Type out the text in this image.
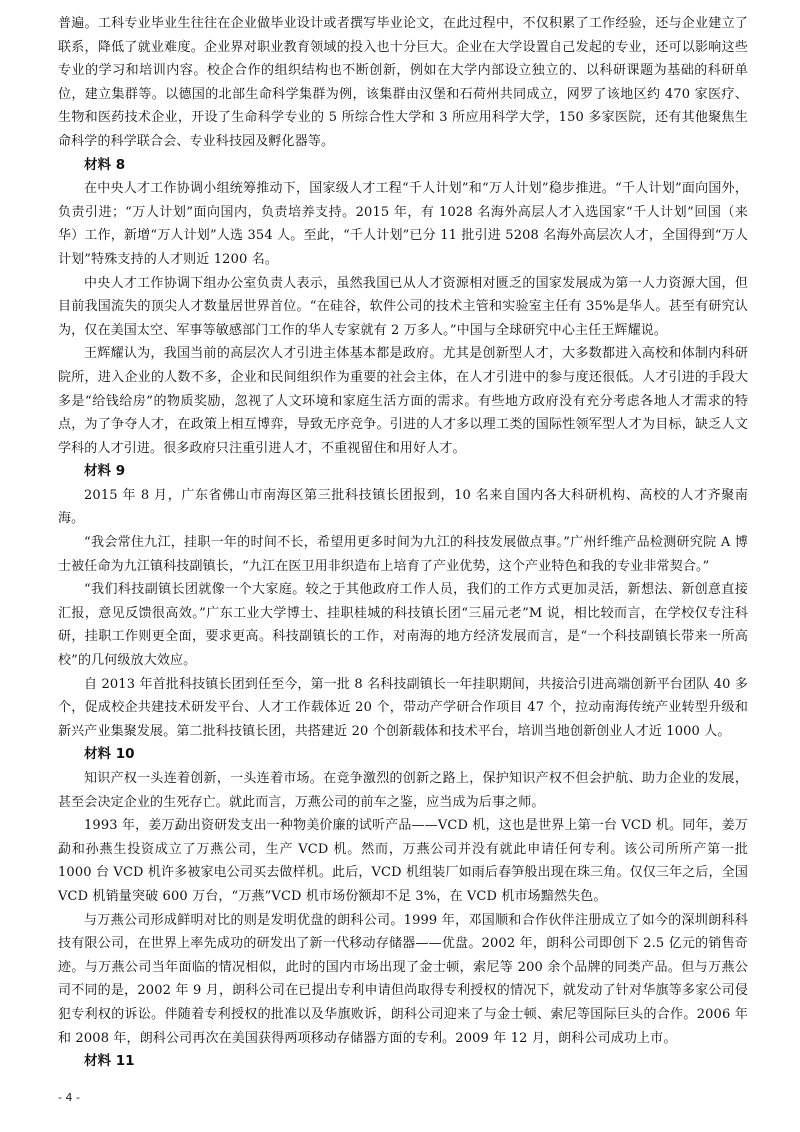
普遍。工科专业毕业生往往在企业做毕业设计或者撰写毕业论文，在此过程中，不仅积累了工作经验，还与企业建立了联系，降低了就业难度。企业界对职业教育领域的投入也十分巨大。企业在大学设置自己发起的专业，还可以影响这些专业的学习和培训内容。校企合作的组织结构也不断创新，例如在大学内部设立独立的、以科研课题为基础的科研单位，建立集群等。以德国的北部生命科学集群为例，该集群由汉堡和石荷州共同成立，网罗了该地区约 470 家医疗、生物和医药技术企业，开设了生命科学专业的 5 所综合性大学和 3 所应用科学大学，150 多家医院，还有其他聚焦生命科学的科学联合会、专业科技园及孵化器等。

材料 8

在中央人才工作协调小组统筹推动下，国家级人才工程“千人计划”和“万人计划”稳步推进。“千人计划”面向国外，负责引进；“万人计划”面向国内，负责培养支持。2015 年，有 1028 名海外高层人才入选国家“千人计划”回国（来华）工作，新增“万人计划”人选 354 人。至此，“千人计划”已分 11 批引进 5208 名海外高层次人才，全国得到“万人计划”特殊支持的人才则近 1200 名。

中央人才工作协调下组办公室负责人表示，虽然我国已从人才资源相对匮乏的国家发展成为第一人力资源大国，但目前我国流失的顶尖人才数量居世界首位。“在硅谷，软件公司的技术主管和实验室主任有 35%是华人。甚至有研究认为，仅在美国太空、军事等敏感部门工作的华人专家就有 2 万多人。”中国与全球研究中心主任王辉耀说。

王辉耀认为，我国当前的高层次人才引进主体基本都是政府。尤其是创新型人才，大多数都进入高校和体制内科研院所，进入企业的人数不多，企业和民间组织作为重要的社会主体，在人才引进中的参与度还很低。人才引进的手段大多是“给钱给房”的物质奖励，忽视了人文环境和家庭生活方面的需求。有些地方政府没有充分考虑各地人才需求的特点，为了争夺人才，在政策上相互博弈，导致无序竞争。引进的人才多以理工类的国际性领军型人才为目标，缺乏人文学科的人才引进。很多政府只注重引进人才，不重视留住和用好人才。

材料 9

2015 年 8 月，广东省佛山市南海区第三批科技镇长团报到，10 名来自国内各大科研机构、高校的人才齐聚南海。

“我会常住九江，挂职一年的时间不长，希望用更多时间为九江的科技发展做点事。”广州纤维产品检测研究院 A 博士被任命为九江镇科技副镇长，“九江在医卫用非织造布上培育了产业优势，这个产业特色和我的专业非常契合。”

“我们科技副镇长团就像一个大家庭。较之于其他政府工作人员，我们的工作方式更加灵活，新想法、新创意直接汇报，意见反馈很高效。”广东工业大学博士、挂职桂城的科技镇长团“三届元老”M 说，相比较而言，在学校仅专注科研，挂职工作则更全面，要求更高。科技副镇长的工作，对南海的地方经济发展而言，是“一个科技副镇长带来一所高校”的几何级放大效应。

自 2013 年首批科技镇长团到任至今，第一批 8 名科技副镇长一年挂职期间，共接洽引进高端创新平台团队 40 多个，促成校企共建技术研发平台、人才工作载体近 20 个，带动产学研合作项目 47 个，拉动南海传统产业转型升级和新兴产业集聚发展。第二批科技镇长团，共搭建近 20 个创新载体和技术平台，培训当地创新创业人才近 1000 人。

材料 10

知识产权一头连着创新，一头连着市场。在竞争激烈的创新之路上，保护知识产权不但会护航、助力企业的发展，甚至会决定企业的生死存亡。就此而言，万燕公司的前车之鉴，应当成为后事之师。

1993 年，姜万勐出资研发支出一种物美价廉的试听产品——VCD 机，这也是世界上第一台 VCD 机。同年，姜万勐和孙燕生投资成立了万燕公司，生产 VCD 机。然而，万燕公司并没有就此申请任何专利。该公司所所产第一批 1000 台 VCD 机许多被家电公司买去做样机。此后，VCD 机组装厂如雨后春笋般出现在珠三角。仅仅三年之后，全国 VCD 机销量突破 600 万台，“万燕”VCD 机市场份额却不足 3%，在 VCD 机市场黯然失色。

与万燕公司形成鲜明对比的则是发明优盘的朗科公司。1999 年，邓国顺和合作伙伴注册成立了如今的深圳朗科科技有限公司，在世界上率先成功的研发出了新一代移动存储器——优盘。2002 年，朗科公司即创下 2.5 亿元的销售奇迹。与万燕公司当年面临的情况相似，此时的国内市场出现了金士顿，索尼等 200 余个品牌的同类产品。但与万燕公司不同的是，2002 年 9 月，朗科公司在已提出专利申请但尚取得专利授权的情况下，就发动了针对华旗等多家公司侵犯专利权的诉讼。伴随着专利授权的批准以及华旗败诉，朗科公司迎来了与金士顿、索尼等国际巨头的合作。2006 年和 2008 年，朗科公司再次在美国获得两项移动存储器方面的专利。2009 年 12 月，朗科公司成功上市。

材料 11

- 4 -
